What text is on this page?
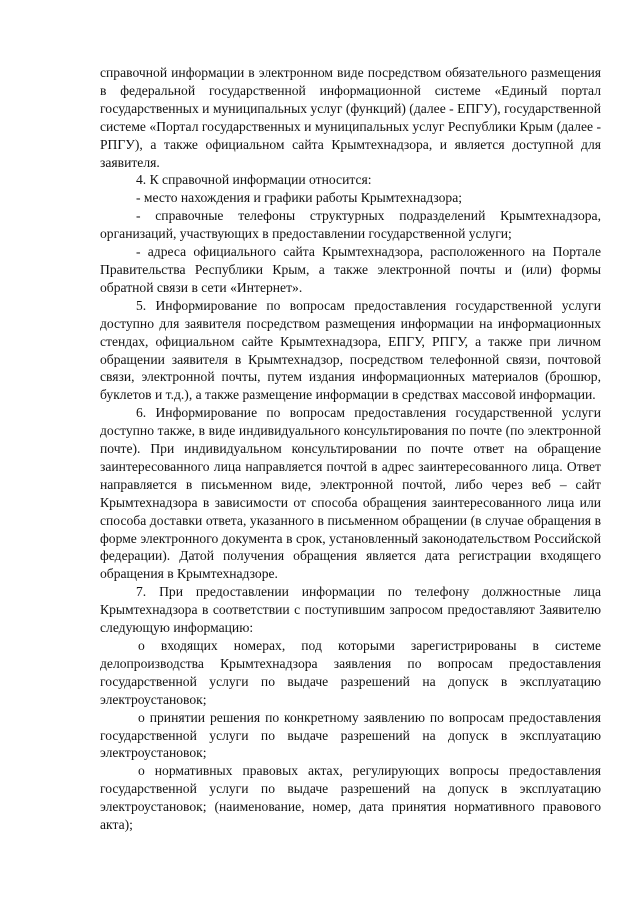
справочной информации в электронном виде посредством обязательного размещения в федеральной государственной информационной системе «Единый портал государственных и муниципальных услуг (функций) (далее - ЕПГУ), государственной системе «Портал государственных и муниципальных услуг Республики Крым (далее - РПГУ), а также официальном сайта Крымтехнадзора, и является доступной для заявителя.

4. К справочной информации относится:

- место нахождения и графики работы Крымтехнадзора;

- справочные телефоны структурных подразделений Крымтехнадзора, организаций, участвующих в предоставлении государственной услуги;

- адреса официального сайта Крымтехнадзора, расположенного на Портале Правительства Республики Крым, а также электронной почты и (или) формы обратной связи в сети «Интернет».

5. Информирование по вопросам предоставления государственной услуги доступно для заявителя посредством размещения информации на информационных стендах, официальном сайте Крымтехнадзора, ЕПГУ, РПГУ, а также при личном обращении заявителя в Крымтехнадзор, посредством телефонной связи, почтовой связи, электронной почты, путем издания информационных материалов (брошюр, буклетов и т.д.), а также размещение информации в средствах массовой информации.

6. Информирование по вопросам предоставления государственной услуги доступно также, в виде индивидуального консультирования по почте (по электронной почте). При индивидуальном консультировании по почте ответ на обращение заинтересованного лица направляется почтой в адрес заинтересованного лица. Ответ направляется в письменном виде, электронной почтой, либо через веб – сайт Крымтехнадзора в зависимости от способа обращения заинтересованного лица или способа доставки ответа, указанного в письменном обращении (в случае обращения в форме электронного документа в срок, установленный законодательством Российской федерации). Датой получения обращения является дата регистрации входящего обращения в Крымтехнадзоре.

7. При предоставлении информации по телефону должностные лица Крымтехнадзора в соответствии с поступившим запросом предоставляют Заявителю следующую информацию:

о входящих номерах, под которыми зарегистрированы в системе делопроизводства Крымтехнадзора заявления по вопросам предоставления государственной услуги по выдаче разрешений на допуск в эксплуатацию электроустановок;

о принятии решения по конкретному заявлению по вопросам предоставления государственной услуги по выдаче разрешений на допуск в эксплуатацию электроустановок;

о нормативных правовых актах, регулирующих вопросы предоставления государственной услуги по выдаче разрешений на допуск в эксплуатацию электроустановок; (наименование, номер, дата принятия нормативного правового акта);
